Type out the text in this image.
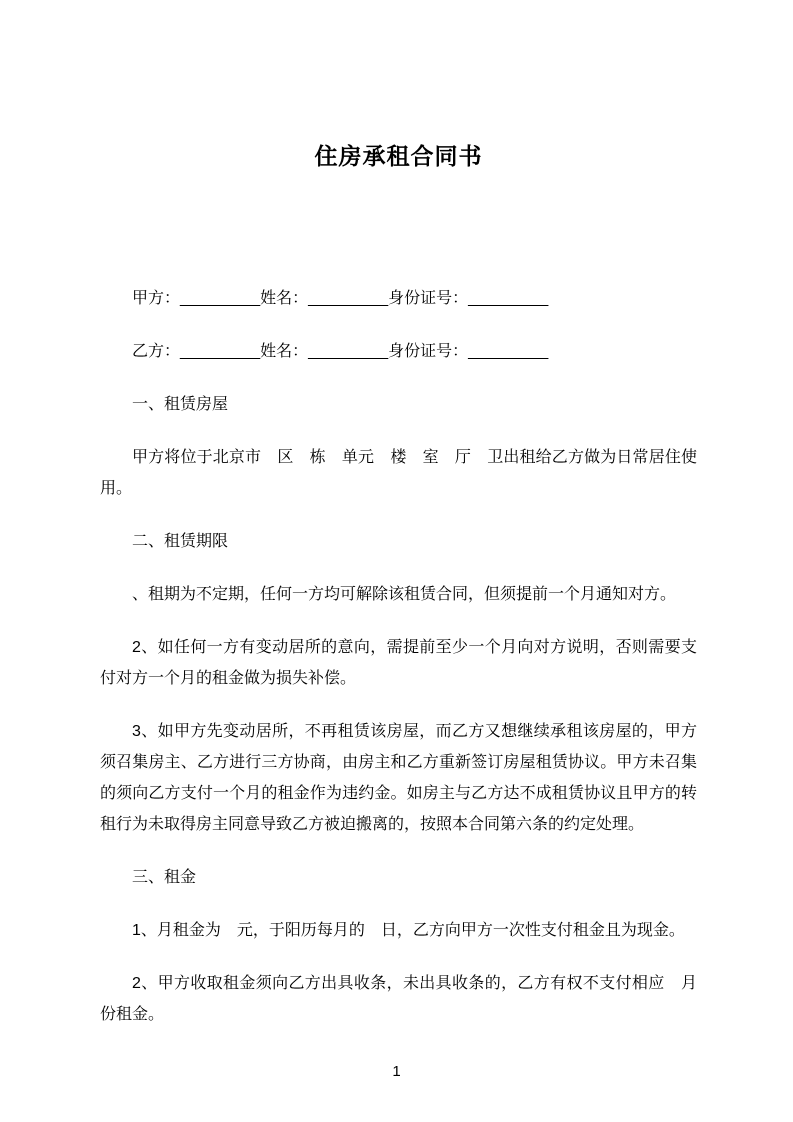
住房承租合同书

甲方：_________姓名：_________身份证号：_________

乙方：_________姓名：_________身份证号：_________

一、租赁房屋

甲方将位于北京市　区　栋　单元　楼　室　厅　卫出租给乙方做为日常居住使用。

二、租赁期限

、租期为不定期，任何一方均可解除该租赁合同，但须提前一个月通知对方。

2、如任何一方有变动居所的意向，需提前至少一个月向对方说明，否则需要支付对方一个月的租金做为损失补偿。

3、如甲方先变动居所，不再租赁该房屋，而乙方又想继续承租该房屋的，甲方须召集房主、乙方进行三方协商，由房主和乙方重新签订房屋租赁协议。甲方未召集的须向乙方支付一个月的租金作为违约金。如房主与乙方达不成租赁协议且甲方的转租行为未取得房主同意导致乙方被迫搬离的，按照本合同第六条的约定处理。

三、租金

1、月租金为　元，于阳历每月的　日，乙方向甲方一次性支付租金且为现金。

2、甲方收取租金须向乙方出具收条，未出具收条的，乙方有权不支付相应　月份租金。

1
